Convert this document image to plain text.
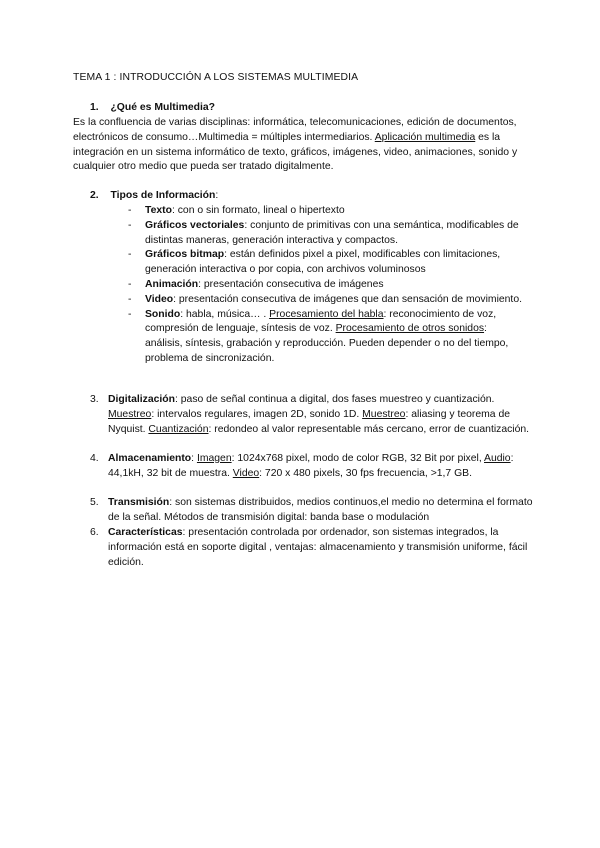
TEMA 1 : INTRODUCCIÓN A LOS SISTEMAS MULTIMEDIA
1. ¿Qué es Multimedia?
Es la confluencia de varias disciplinas: informática, telecomunicaciones, edición de documentos, electrónicos de consumo…Multimedia = múltiples intermediarios. Aplicación multimedia es la integración en un sistema informático de texto, gráficos, imágenes, video, animaciones, sonido y cualquier otro medio que pueda ser tratado digitalmente.
2. Tipos de Información:
- Texto: con o sin formato, lineal o hipertexto
- Gráficos vectoriales: conjunto de primitivas con una semántica, modificables de distintas maneras, generación interactiva y compactos.
- Gráficos bitmap: están definidos pixel a pixel, modificables con limitaciones, generación interactiva o por copia, con archivos voluminosos
- Animación: presentación consecutiva de imágenes
- Video: presentación consecutiva de imágenes que dan sensación de movimiento.
- Sonido: habla, música… . Procesamiento del habla: reconocimiento de voz, compresión de lenguaje, síntesis de voz. Procesamiento de otros sonidos: análisis, síntesis, grabación y reproducción. Pueden depender o no del tiempo, problema de sincronización.
3. Digitalización: paso de señal continua a digital, dos fases muestreo y cuantización. Muestreo: intervalos regulares, imagen 2D, sonido 1D. Muestreo: aliasing y teorema de Nyquist. Cuantización: redondeo al valor representable más cercano, error de cuantización.
4. Almacenamiento: Imagen: 1024x768 pixel, modo de color RGB, 32 Bit por pixel, Audio: 44,1kH, 32 bit de muestra. Video: 720 x 480 pixels, 30 fps frecuencia, >1,7 GB.
5. Transmisión: son sistemas distribuidos, medios continuos,el medio no determina el formato de la señal. Métodos de transmisión digital: banda base o modulación
6. Características: presentación controlada por ordenador, son sistemas integrados, la información está en soporte digital , ventajas: almacenamiento y transmisión uniforme, fácil edición.
